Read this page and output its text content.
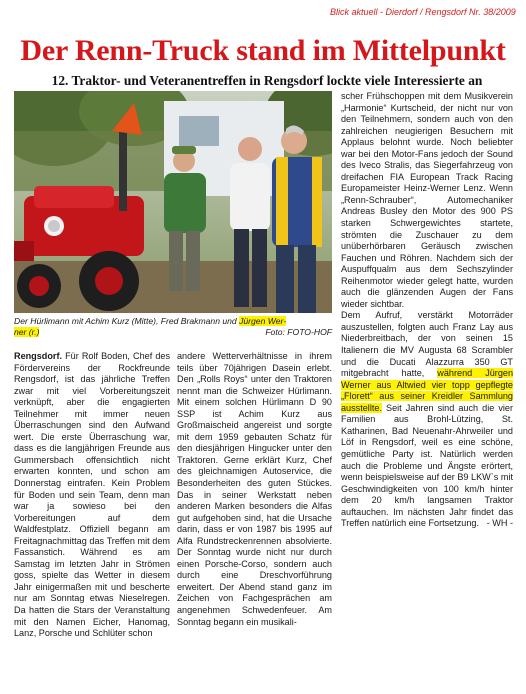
Blick aktuell - Dierdorf / Rengsdorf Nr. 38/2009
Der Renn-Truck stand im Mittelpunkt
12. Traktor- und Veteranentreffen in Rengsdorf lockte viele Interessierte an
Der Hürlimann mit Achim Kurz (Mitte), Fred Brakmann und Jürgen Wer-
ner (r.)	Foto: FOTO-HOF

Rengsdorf. Für Rolf Boden, Chef des Fördervereins der Rockfreunde Rengsdorf, ist das jährliche Treffen zwar mit viel Vorbereitungszeit verknüpft, aber die engagierten Teilnehmer mit immer neuen Überraschungen sind den Aufwand wert. Die erste Überraschung war, dass es die langjährigen Freunde aus Gummersbach offensichtlich nicht erwarten konnten, und schon am Donnerstag eintrafen. Kein Problem für Boden und sein Team, denn man war ja sowieso bei den Vorbereitungen auf dem Waldfestplatz. Offiziell begann am Freitagnachmittag das Treffen mit dem Fassanstich. Während es am Samstag im letzten Jahr in Strömen goss, spielte das Wetter in diesem Jahr einigermaßen mit und bescherte nur am Sonntag etwas Nieselregen. Da hatten die Stars der Veranstaltung mit den Namen Eicher, Hanomag, Lanz, Porsche und Schlüter schon

andere Wetterverhältnisse in ihrem teils über 70jährigen Dasein erlebt. Den „Rolls Roys“ unter den Traktoren nennt man die Schweizer Hürlimann. Mit einem solchen Hürlimann D 90 SSP ist Achim Kurz aus Großmaischeid angereist und sorgte mit dem 1959 gebauten Schatz für den diesjährigen Hingucker unter den Traktoren. Gerne erklärt Kurz, Chef des gleichnamigen Autoservice, die Besonderheiten des guten Stückes. Das in seiner Werkstatt neben anderen Marken besonders die Alfas gut aufgehoben sind, hat die Ursache darin, dass er von 1987 bis 1995 auf Alfa Rundstreckenrennen absolvierte. Der Sonntag wurde nicht nur durch einen Porsche-Corso, sondern auch durch eine Dreschvorführung erweitert. Der Abend stand ganz im Zeichen von Fachgesprächen am angenehmen Schwedenfeuer. Am Sonntag begann ein musikali-

scher Frühschoppen mit dem Musikverein „Harmonie“ Kurtscheid, der nicht nur von den Teilnehmern, sondern auch von den zahlreichen neugierigen Besuchern mit Applaus belohnt wurde. Noch beliebter war bei den Motor-Fans jedoch der Sound des Iveco Stralis, das Siegerfahrzeug von dreifachen FIA European Track Racing Europameister Heinz-Werner Lenz. Wenn „Renn-Schrauber“, Automechaniker Andreas Busley den Motor des 900 PS starken Schwergewichtes startete, strömten die Zuschauer zu dem unüberhörbaren Geräusch zwischen Fauchen und Röhren. Nachdem sich der Auspuffqualm aus dem Sechszylinder Reihenmotor wieder gelegt hatte, wurden auch die glänzenden Augen der Fans wieder sichtbar.

Dem Aufruf, verstärkt Motorräder auszustellen, folgten auch Franz Lay aus Niederbreitbach, der von seinen 15 Italienern die MV Augusta 68 Scrambler und die Ducati Alazzurra 350 GT mitgebracht hatte, während Jürgen Werner aus Altwied vier topp gepflegte „Florett“ aus seiner Kreidler Sammlung ausstellte. Seit Jahren sind auch die vier Familien aus Brohl-Lützing, St. Katharinen, Bad Neuenahr-Ahrweiler und Löf in Rengsdorf, weil es eine schöne, gemütliche Party ist. Natürlich werden auch die Probleme und Ängste erörtert, wenn beispielsweise auf der B9 LKW`s mit Geschwindigkeiten von 100 km/h hinter dem 20 km/h langsamen Traktor auftauchen. Im nächsten Jahr findet das Treffen natürlich eine Fortsetzung. - WH -
